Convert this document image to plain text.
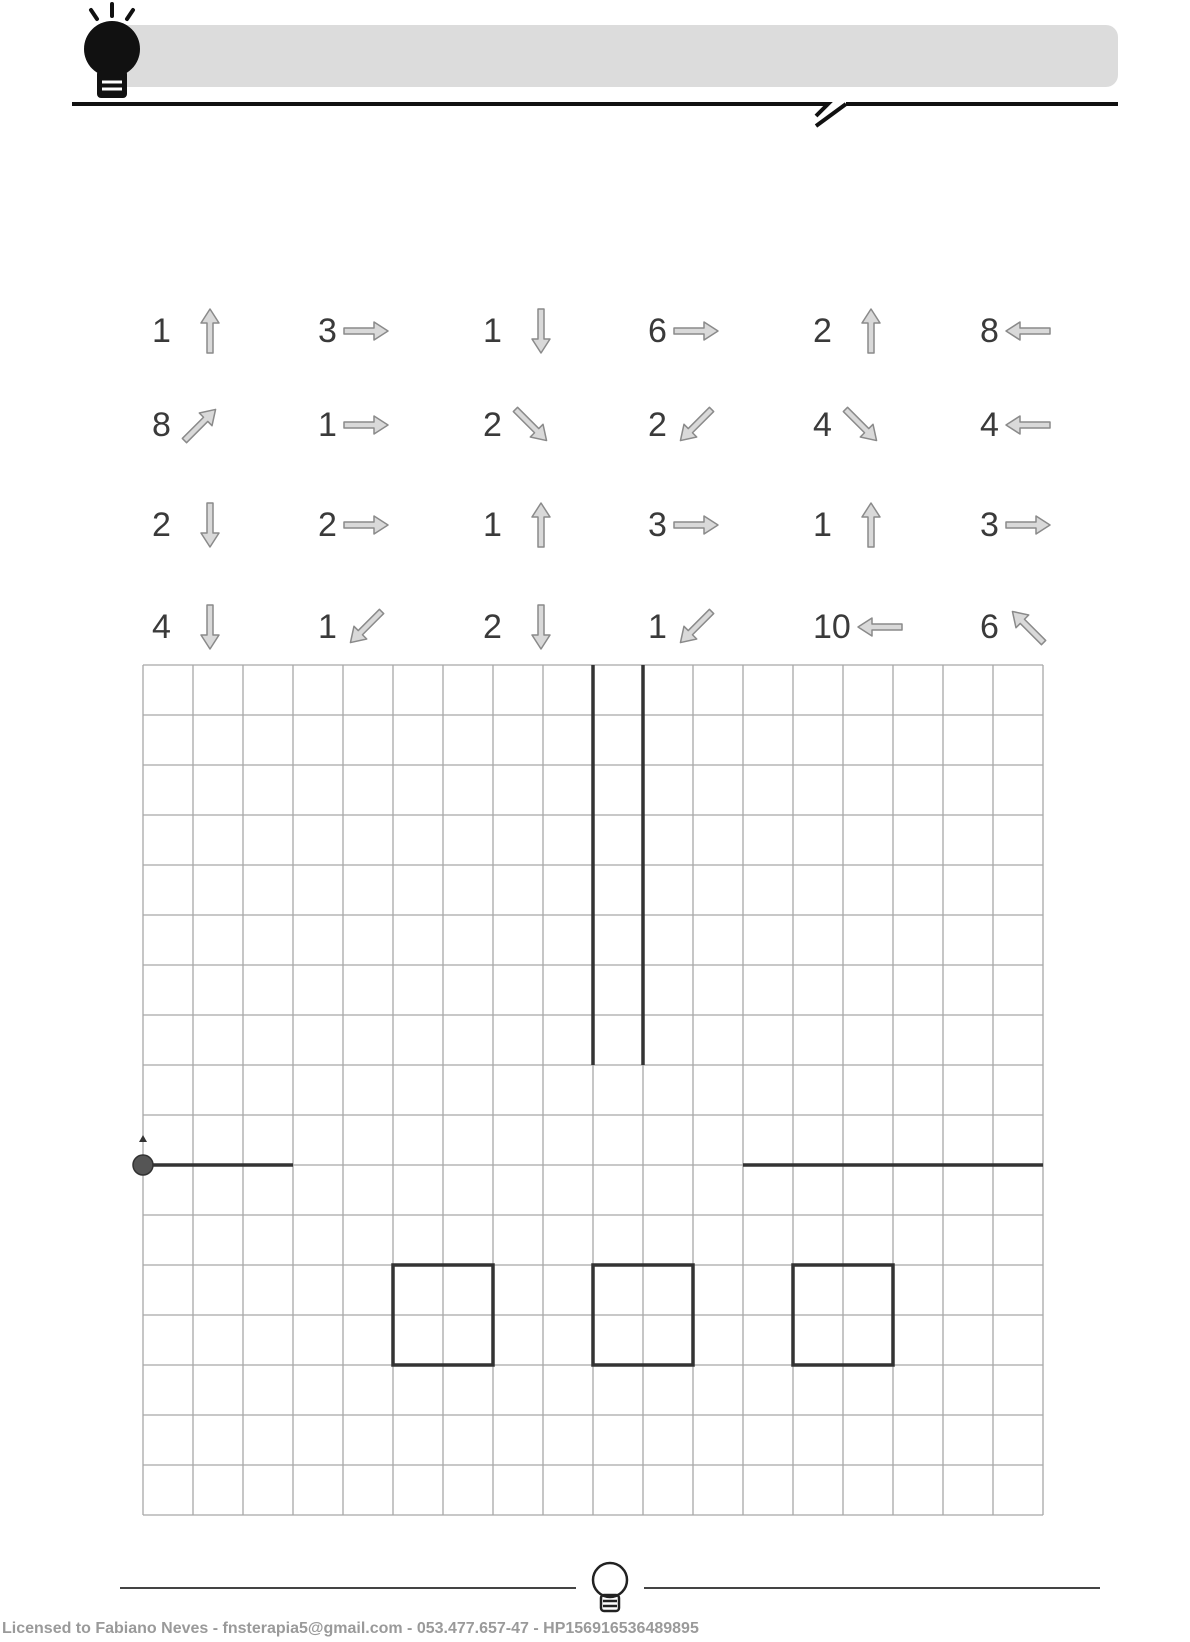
1	3	1	6	2	8
8	1	2	2	4	4
2	2	1	3	1	3
4	1	2	1	10	6
Licensed to Fabiano Neves - fnsterapia5@gmail.com - 053.477.657-47 - HP156916536489895
